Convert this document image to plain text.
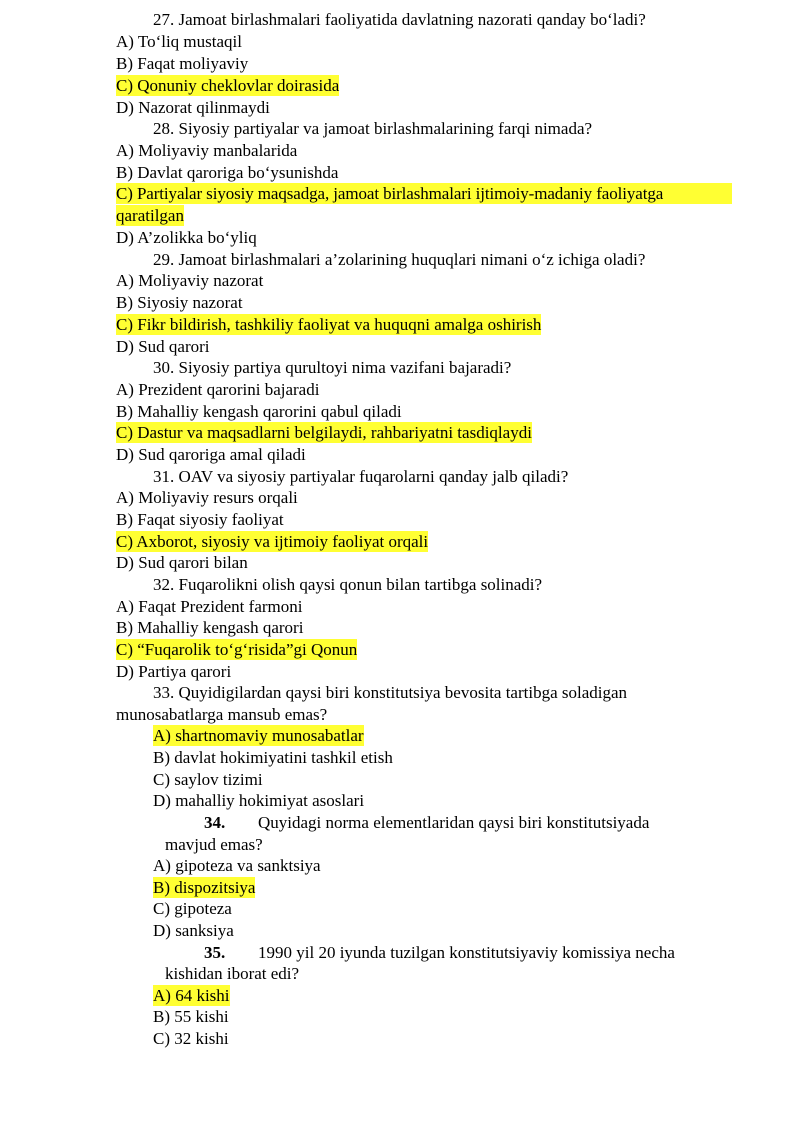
27. Jamoat birlashmalari faoliyatida davlatning nazorati qanday bo‘ladi?
A) To‘liq mustaqil
B) Faqat moliyaviy
C) Qonuniy cheklovlar doirasida
D) Nazorat qilinmaydi
28. Siyosiy partiyalar va jamoat birlashmalarining farqi nimada?
A) Moliyaviy manbalarida
B) Davlat qaroriga bo‘ysunishda
C) Partiyalar siyosiy maqsadga, jamoat birlashmalari ijtimoiy-madaniy faoliyatga
qaratilgan
D) A’zolikka bo‘yliq
29. Jamoat birlashmalari a’zolarining huquqlari nimani o‘z ichiga oladi?
A) Moliyaviy nazorat
B) Siyosiy nazorat
C) Fikr bildirish, tashkiliy faoliyat va huquqni amalga oshirish
D) Sud qarori
30. Siyosiy partiya qurultoyi nima vazifani bajaradi?
A) Prezident qarorini bajaradi
B) Mahalliy kengash qarorini qabul qiladi
C) Dastur va maqsadlarni belgilaydi, rahbariyatni tasdiqlaydi
D) Sud qaroriga amal qiladi
31. OAV va siyosiy partiyalar fuqarolarni qanday jalb qiladi?
A) Moliyaviy resurs orqali
B) Faqat siyosiy faoliyat
C) Axborot, siyosiy va ijtimoiy faoliyat orqali
D) Sud qarori bilan
32. Fuqarolikni olish qaysi qonun bilan tartibga solinadi?
A) Faqat Prezident farmoni
B) Mahalliy kengash qarori
C) “Fuqarolik to‘g‘risida”gi Qonun
D) Partiya qarori
33. Quyidigilardan qaysi biri konstitutsiya bevosita tartibga soladigan
munosabatlarga mansub emas?
A) shartnomaviy munosabatlar
B) davlat hokimiyatini tashkil etish
C) saylov tizimi
D) mahalliy hokimiyat asoslari
34. Quyidagi norma elementlaridan qaysi biri konstitutsiyada
mavjud emas?
A) gipoteza va sanktsiya
B) dispozitsiya
C) gipoteza
D) sanksiya
35. 1990 yil 20 iyunda tuzilgan konstitutsiyaviy komissiya necha
kishidan iborat edi?
A) 64 kishi
B) 55 kishi
C) 32 kishi
